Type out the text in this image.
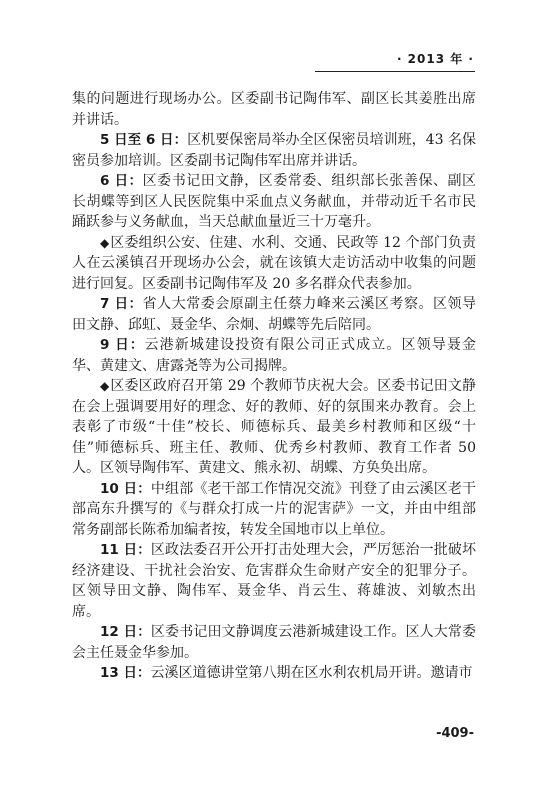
· 2013 年 ·

集的问题进行现场办公。区委副书记陶伟军、副区长其姜胜出席并讲话。

5 日至 6 日：区机要保密局举办全区保密员培训班，43 名保密员参加培训。区委副书记陶伟军出席并讲话。

6 日：区委书记田文静，区委常委、组织部长张善保、副区长胡蝶等到区人民医院集中采血点义务献血，并带动近千名市民踊跃参与义务献血，当天总献血量近三十万毫升。

◆区委组织公安、住建、水利、交通、民政等 12 个部门负责人在云溪镇召开现场办公会，就在该镇大走访活动中收集的问题进行回复。区委副书记陶伟军及 20 多名群众代表参加。

7 日：省人大常委会原副主任蔡力峰来云溪区考察。区领导田文静、邱虹、聂金华、佘炯、胡蝶等先后陪同。

9 日：云港新城建设投资有限公司正式成立。区领导聂金华、黄建文、唐露尧等为公司揭牌。

◆区委区政府召开第 29 个教师节庆祝大会。区委书记田文静在会上强调要用好的理念、好的教师、好的氛围来办教育。会上表彰了市级“十佳”校长、师德标兵、最美乡村教师和区级“十佳”师德标兵、班主任、教师、优秀乡村教师、教育工作者 50 人。区领导陶伟军、黄建文、熊永初、胡蝶、方奂奂出席。

10 日：中组部《老干部工作情况交流》刊登了由云溪区老干部高东升撰写的《与群众打成一片的泥害萨》一文，并由中组部常务副部长陈希加编者按，转发全国地市以上单位。

11 日：区政法委召开公开打击处理大会，严厉惩治一批破坏经济建设、干扰社会治安、危害群众生命财产安全的犯罪分子。区领导田文静、陶伟军、聂金华、肖云生、蒋雄波、刘敏杰出席。

12 日：区委书记田文静调度云港新城建设工作。区人大常委会主任聂金华参加。

13 日：云溪区道德讲堂第八期在区水利农机局开讲。邀请市

-409-
